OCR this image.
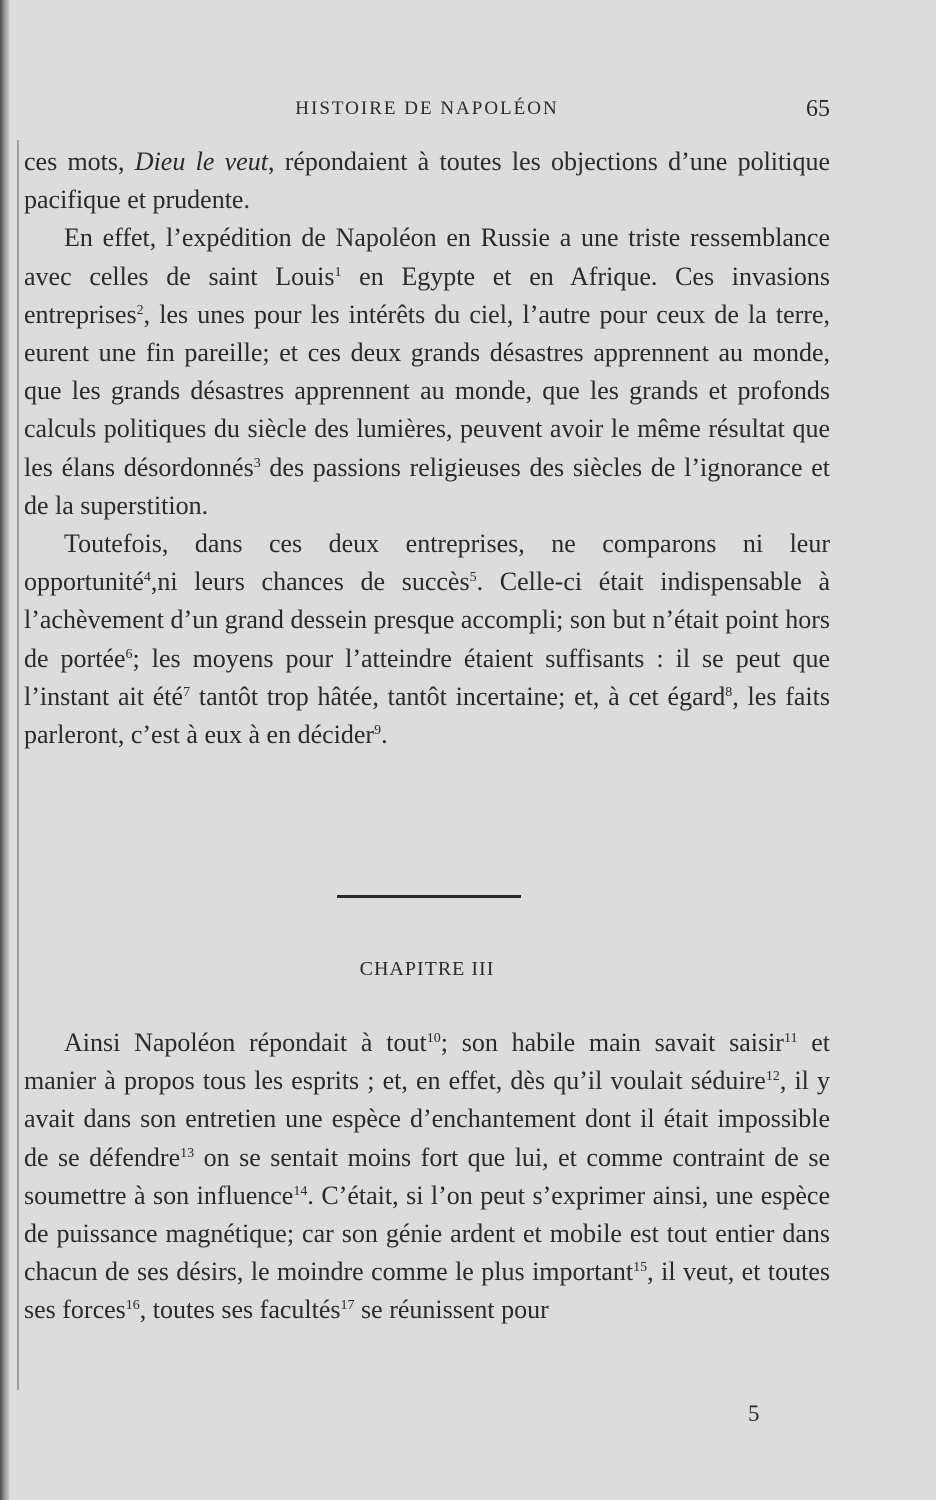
HISTOIRE DE NAPOLÉON	65

ces mots, Dieu le veut, répondaient à toutes les objections d’une politique pacifique et prudente.

En effet, l’expédition de Napoléon en Russie a une triste ressemblance avec celles de saint Louis$^1$ en Egypte et en Afrique. Ces invasions entreprises$^2$, les unes pour les intérêts du ciel, l’autre pour ceux de la terre, eurent une fin pareille; et ces deux grands désastres apprennent au monde, que les grands désastres apprennent au monde, que les grands et profonds calculs politiques du siècle des lumières, peuvent avoir le même résultat que les élans désordonnés$^3$ des passions religieuses des siècles de l’ignorance et de la superstition.

Toutefois, dans ces deux entreprises, ne comparons ni leur opportunité$^4$,ni leurs chances de succès$^5$. Celle-ci était indispensable à l’achèvement d’un grand dessein presque accompli; son but n’était point hors de portée$^6$; les moyens pour l’atteindre étaient suffisants : il se peut que l’instant ait été$^7$ tantôt trop hâtée, tantôt incertaine; et, à cet égard$^8$, les faits parleront, c’est à eux à en décider$^9$.

CHAPITRE III

Ainsi Napoléon répondait à tout$^{10}$; son habile main savait saisir$^{11}$ et manier à propos tous les esprits ; et, en effet, dès qu’il voulait séduire$^{12}$, il y avait dans son entretien une espèce d’enchantement dont il était impossible de se défendre$^{13}$ on se sentait moins fort que lui, et comme contraint de se soumettre à son influence$^{14}$. C’était, si l’on peut s’exprimer ainsi, une espèce de puissance magnétique; car son génie ardent et mobile est tout entier dans chacun de ses désirs, le moindre comme le plus important$^{15}$, il veut, et toutes ses forces$^{16}$, toutes ses facultés$^{17}$ se réunissent pour

5
